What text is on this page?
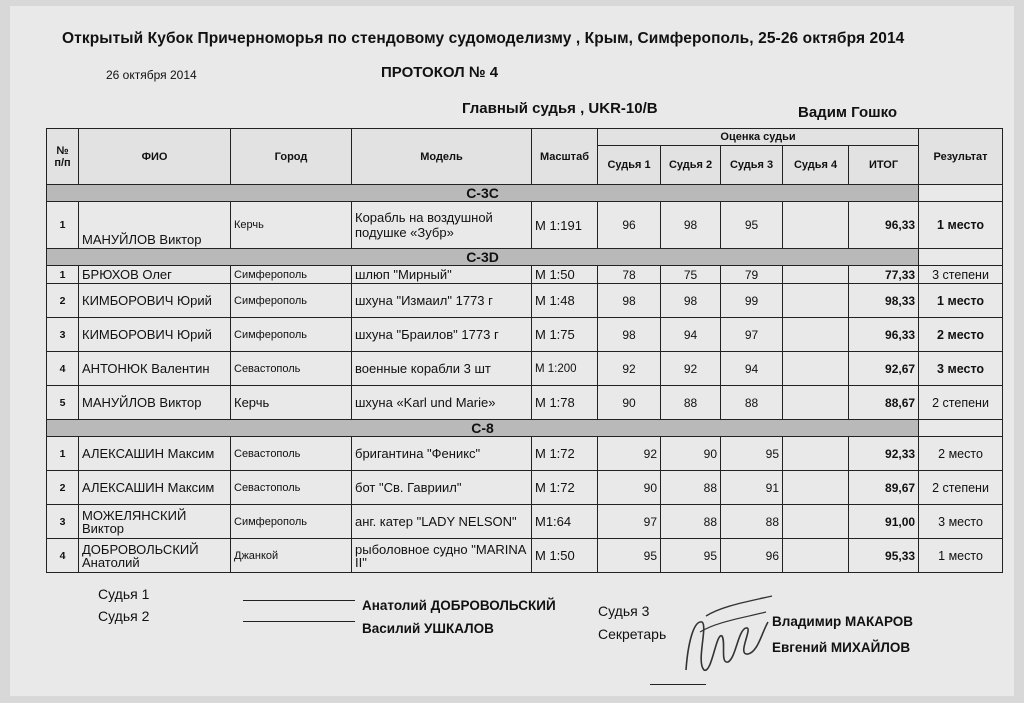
Открытый Кубок Причерноморья по стендовому судомоделизму , Крым, Симферополь, 25-26 октября 2014
26 октября 2014	ПРОТОКОЛ № 4
Главный судья , UKR-10/B	Вадим Гошко
№ п/п	ФИО	Город	Модель	Масштаб	Оценка судьи					Результат
					Судья 1	Судья 2	Судья 3	Судья 4	ИТОГ	
C-3C										
1	МАНУЙЛОВ Виктор	Керчь	Корабль на воздушной подушке «Зубр»	М 1:191	96	98	95		96,33	1 место
C-3D										
1	БРЮХОВ Олег	Симферополь	шлюп "Мирный"	М 1:50	78	75	79		77,33	3 степени
2	КИМБОРОВИЧ Юрий	Симферополь	шхуна "Измаил" 1773 г	М 1:48	98	98	99		98,33	1 место
3	КИМБОРОВИЧ Юрий	Симферополь	шхуна "Браилов" 1773 г	М 1:75	98	94	97		96,33	2 место
4	АНТОНЮК Валентин	Севастополь	военные корабли 3 шт	М 1:200	92	92	94		92,67	3 место
5	МАНУЙЛОВ Виктор	Керчь	шхуна «Karl und Marie»	М 1:78	90	88	88		88,67	2 степени
C-8										
1	АЛЕКСАШИН Максим	Севастополь	бригантина "Феникс"	М 1:72	92	90	95		92,33	2 место
2	АЛЕКСАШИН Максим	Севастополь	бот "Св. Гавриил"	М 1:72	90	88	91		89,67	2 степени
3	МОЖЕЛЯНСКИЙ Виктор	Симферополь	анг. катер "LADY NELSON"	М1:64	97	88	88		91,00	3 место
4	ДОБРОВОЛЬСКИЙ Анатолий	Джанкой	рыболовное судно "MARINA II"	М 1:50	95	95	96		95,33	1 место
Судья 1
Анатолий ДОБРОВОЛЬСКИЙ
Судья 2
Василий УШКАЛОВ
Судья 3
Владимир МАКАРОВ
Секретарь
Евгений МИХАЙЛОВ
